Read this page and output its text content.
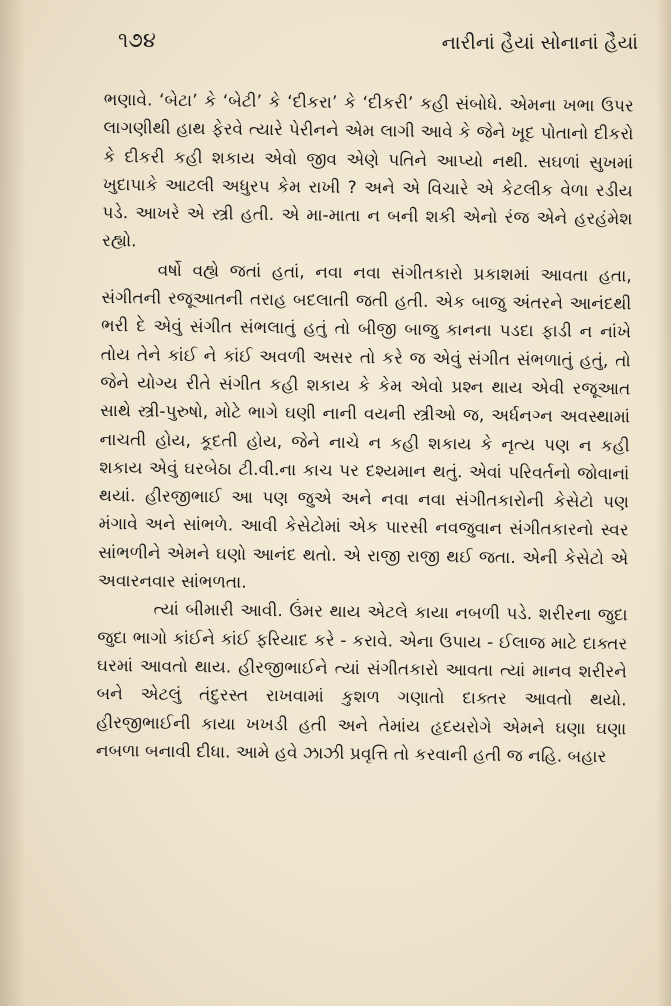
૧૭૪	નારીનાં હૈયાં સોનાનાં હૈયાં

ભણાવે. ‘બેટા’ કે ‘બેટી’ કે ‘દીકરા’ કે ‘દીકરી’ કહી સંબોધે. એમના ખભા ઉપર લાગણીથી હાથ ફેરવે ત્યારે પેરીનને એમ લાગી આવે કે જેને ખૂદ પોતાનો દીકરો કે દીકરી કહી શકાય એવો જીવ એણે પતિને આપ્યો નથી. સઘળાં સુખમાં ખુદાપાકે આટલી અધુરપ કેમ રાખી ? અને એ વિચારે એ કેટલીક વેળા રડીય પડે. આખરે એ સ્ત્રી હતી. એ મા-માતા ન બની શકી એનો રંજ એને હરહંમેશ રહ્યો.

વર્ષો વહ્યે જતાં હતાં, નવા નવા સંગીતકારો પ્રકાશમાં આવતા હતા, સંગીતની રજૂઆતની તરાહ બદલાતી જતી હતી. એક બાજુ અંતરને આનંદથી ભરી દે એવું સંગીત સંભલાતું હતું તો બીજી બાજુ કાનના પડદા ફાડી ન નાંખે તોય તેને કાંઈ ને કાંઈ અવળી અસર તો કરે જ એવું સંગીત સંભળાતું હતું, તો જેને યોગ્ય રીતે સંગીત કહી શકાય કે કેમ એવો પ્રશ્ન થાય એવી રજૂઆત સાથે સ્ત્રી-પુરુષો, મોટે ભાગે ઘણી નાની વયની સ્ત્રીઓ જ, અર્ધનગ્ન અવસ્થામાં નાચતી હોય, કૂદતી હોય, જેને નાચે ન કહી શકાય કે નૃત્ય પણ ન કહી શકાય એવું ઘરબેઠા ટી.વી.ના કાચ પર દશ્યમાન થતું. એવાં પરિવર્તનો જોવાનાં થયાં. હીરજીભાઈ આ પણ જુએ અને નવા નવા સંગીતકારોની કેસેટો પણ મંગાવે અને સાંભળે. આવી કેસેટોમાં એક પારસી નવજુવાન સંગીતકારનો સ્વર સાંભળીને એમને ઘણો આનંદ થતો. એ રાજી રાજી થઈ જતા. એની કેસેટો એ અવારનવાર સાંભળતા.

ત્યાં બીમારી આવી. ઉંમર થાય એટલે કાયા નબળી પડે. શરીરના જુદા જુદા ભાગો કાંઈને કાંઈ ફરિયાદ કરે - કરાવે. એના ઉપાય - ઈલાજ માટે દાક્તર ઘરમાં આવતો થાય. હીરજીભાઈને ત્યાં સંગીતકારો આવતા ત્યાં માનવ શરીરને બને એટલું તંદુરસ્ત રાખવામાં કુશળ ગણાતો દાક્તર આવતો થયો. હીરજીભાઈની કાયા ખખડી હતી અને તેમાંય હૃદયરોગે એમને ઘણા ઘણા નબળા બનાવી દીધા. આમે હવે ઝાઝી પ્રવૃત્તિ તો કરવાની હતી જ નહિ. બહાર
